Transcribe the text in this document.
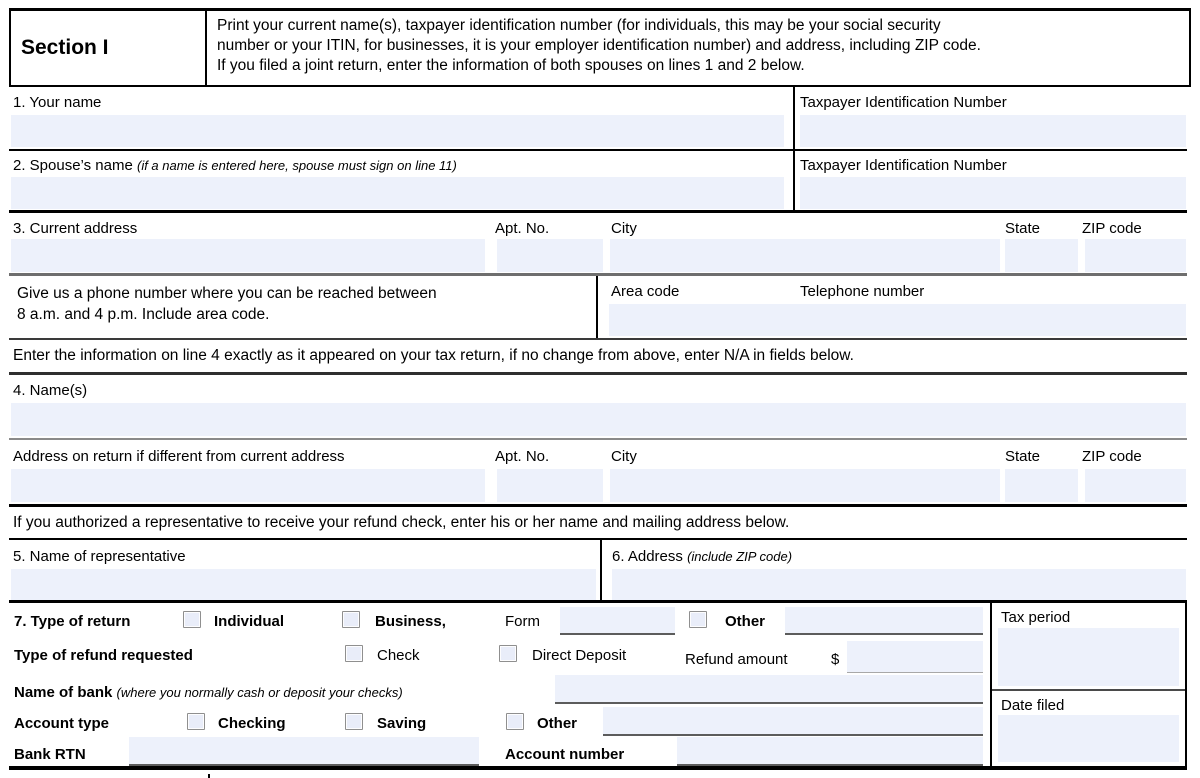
Section I
Print your current name(s), taxpayer identification number (for individuals, this may be your social security
number or your ITIN, for businesses, it is your employer identification number) and address, including ZIP code.
If you filed a joint return, enter the information of both spouses on lines 1 and 2 below.
1. Your name	Taxpayer Identification Number
2. Spouse’s name (if a name is entered here, spouse must sign on line 11)	Taxpayer Identification Number
3. Current address	Apt. No.	City	State	ZIP code
Give us a phone number where you can be reached between
8 a.m. and 4 p.m. Include area code.
Area code	Telephone number
Enter the information on line 4 exactly as it appeared on your tax return, if no change from above, enter N/A in fields below.
4. Name(s)
Address on return if different from current address	Apt. No.	City	State	ZIP code
If you authorized a representative to receive your refund check, enter his or her name and mailing address below.
5. Name of representative	6. Address (include ZIP code)
7. Type of return	Individual	Business,	Form	Other
Type of refund requested	Check	Direct Deposit	Refund amount	$
Name of bank (where you normally cash or deposit your checks)
Account type	Checking	Saving	Other
Bank RTN	Account number
Tax period
Date filed
